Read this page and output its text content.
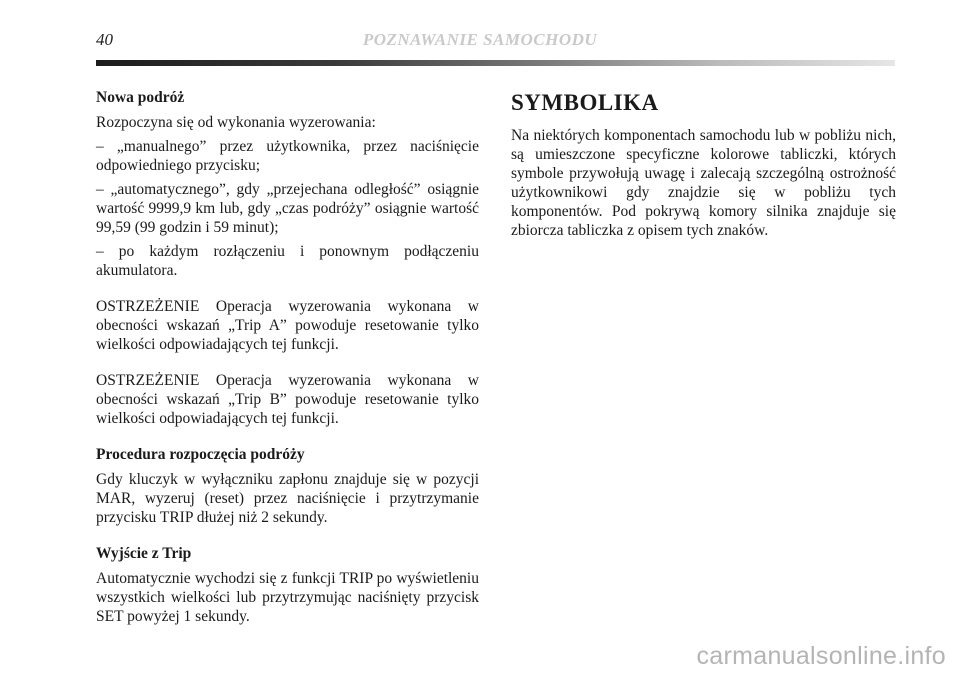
40	POZNAWANIE SAMOCHODU
Nowa podróż

Rozpoczyna się od wykonania wyzerowania:

– „manualnego” przez użytkownika, przez naciśnięcie odpowiedniego przycisku;

– „automatycznego”, gdy „przejechana odległość” osiągnie wartość 9999,9 km lub, gdy „czas podróży” osiągnie wartość 99,59 (99 godzin i 59 minut);

– po każdym rozłączeniu i ponownym podłączeniu akumulatora.

OSTRZEŻENIE Operacja wyzerowania wykonana w obecności wskazań „Trip A” powoduje resetowanie tylko wielkości odpowiadających tej funkcji.

OSTRZEŻENIE Operacja wyzerowania wykonana w obecności wskazań „Trip B” powoduje resetowanie tylko wielkości odpowiadających tej funkcji.

Procedura rozpoczęcia podróży

Gdy kluczyk w wyłączniku zapłonu znajduje się w pozycji MAR, wyzeruj (reset) przez naciśnięcie i przytrzymanie przycisku TRIP dłużej niż 2 sekundy.

Wyjście z Trip

Automatycznie wychodzi się z funkcji TRIP po wyświetleniu wszystkich wielkości lub przytrzymując naciśnięty przycisk SET powyżej 1 sekundy.

SYMBOLIKA

Na niektórych komponentach samochodu lub w pobliżu nich, są umieszczone specyficzne kolorowe tabliczki, których symbole przywołują uwagę i zalecają szczególną ostrożność użytkownikowi gdy znajdzie się w pobliżu tych komponentów. Pod pokrywą komory silnika znajduje się zbiorcza tabliczka z opisem tych znaków.

carmanualsonline.info
